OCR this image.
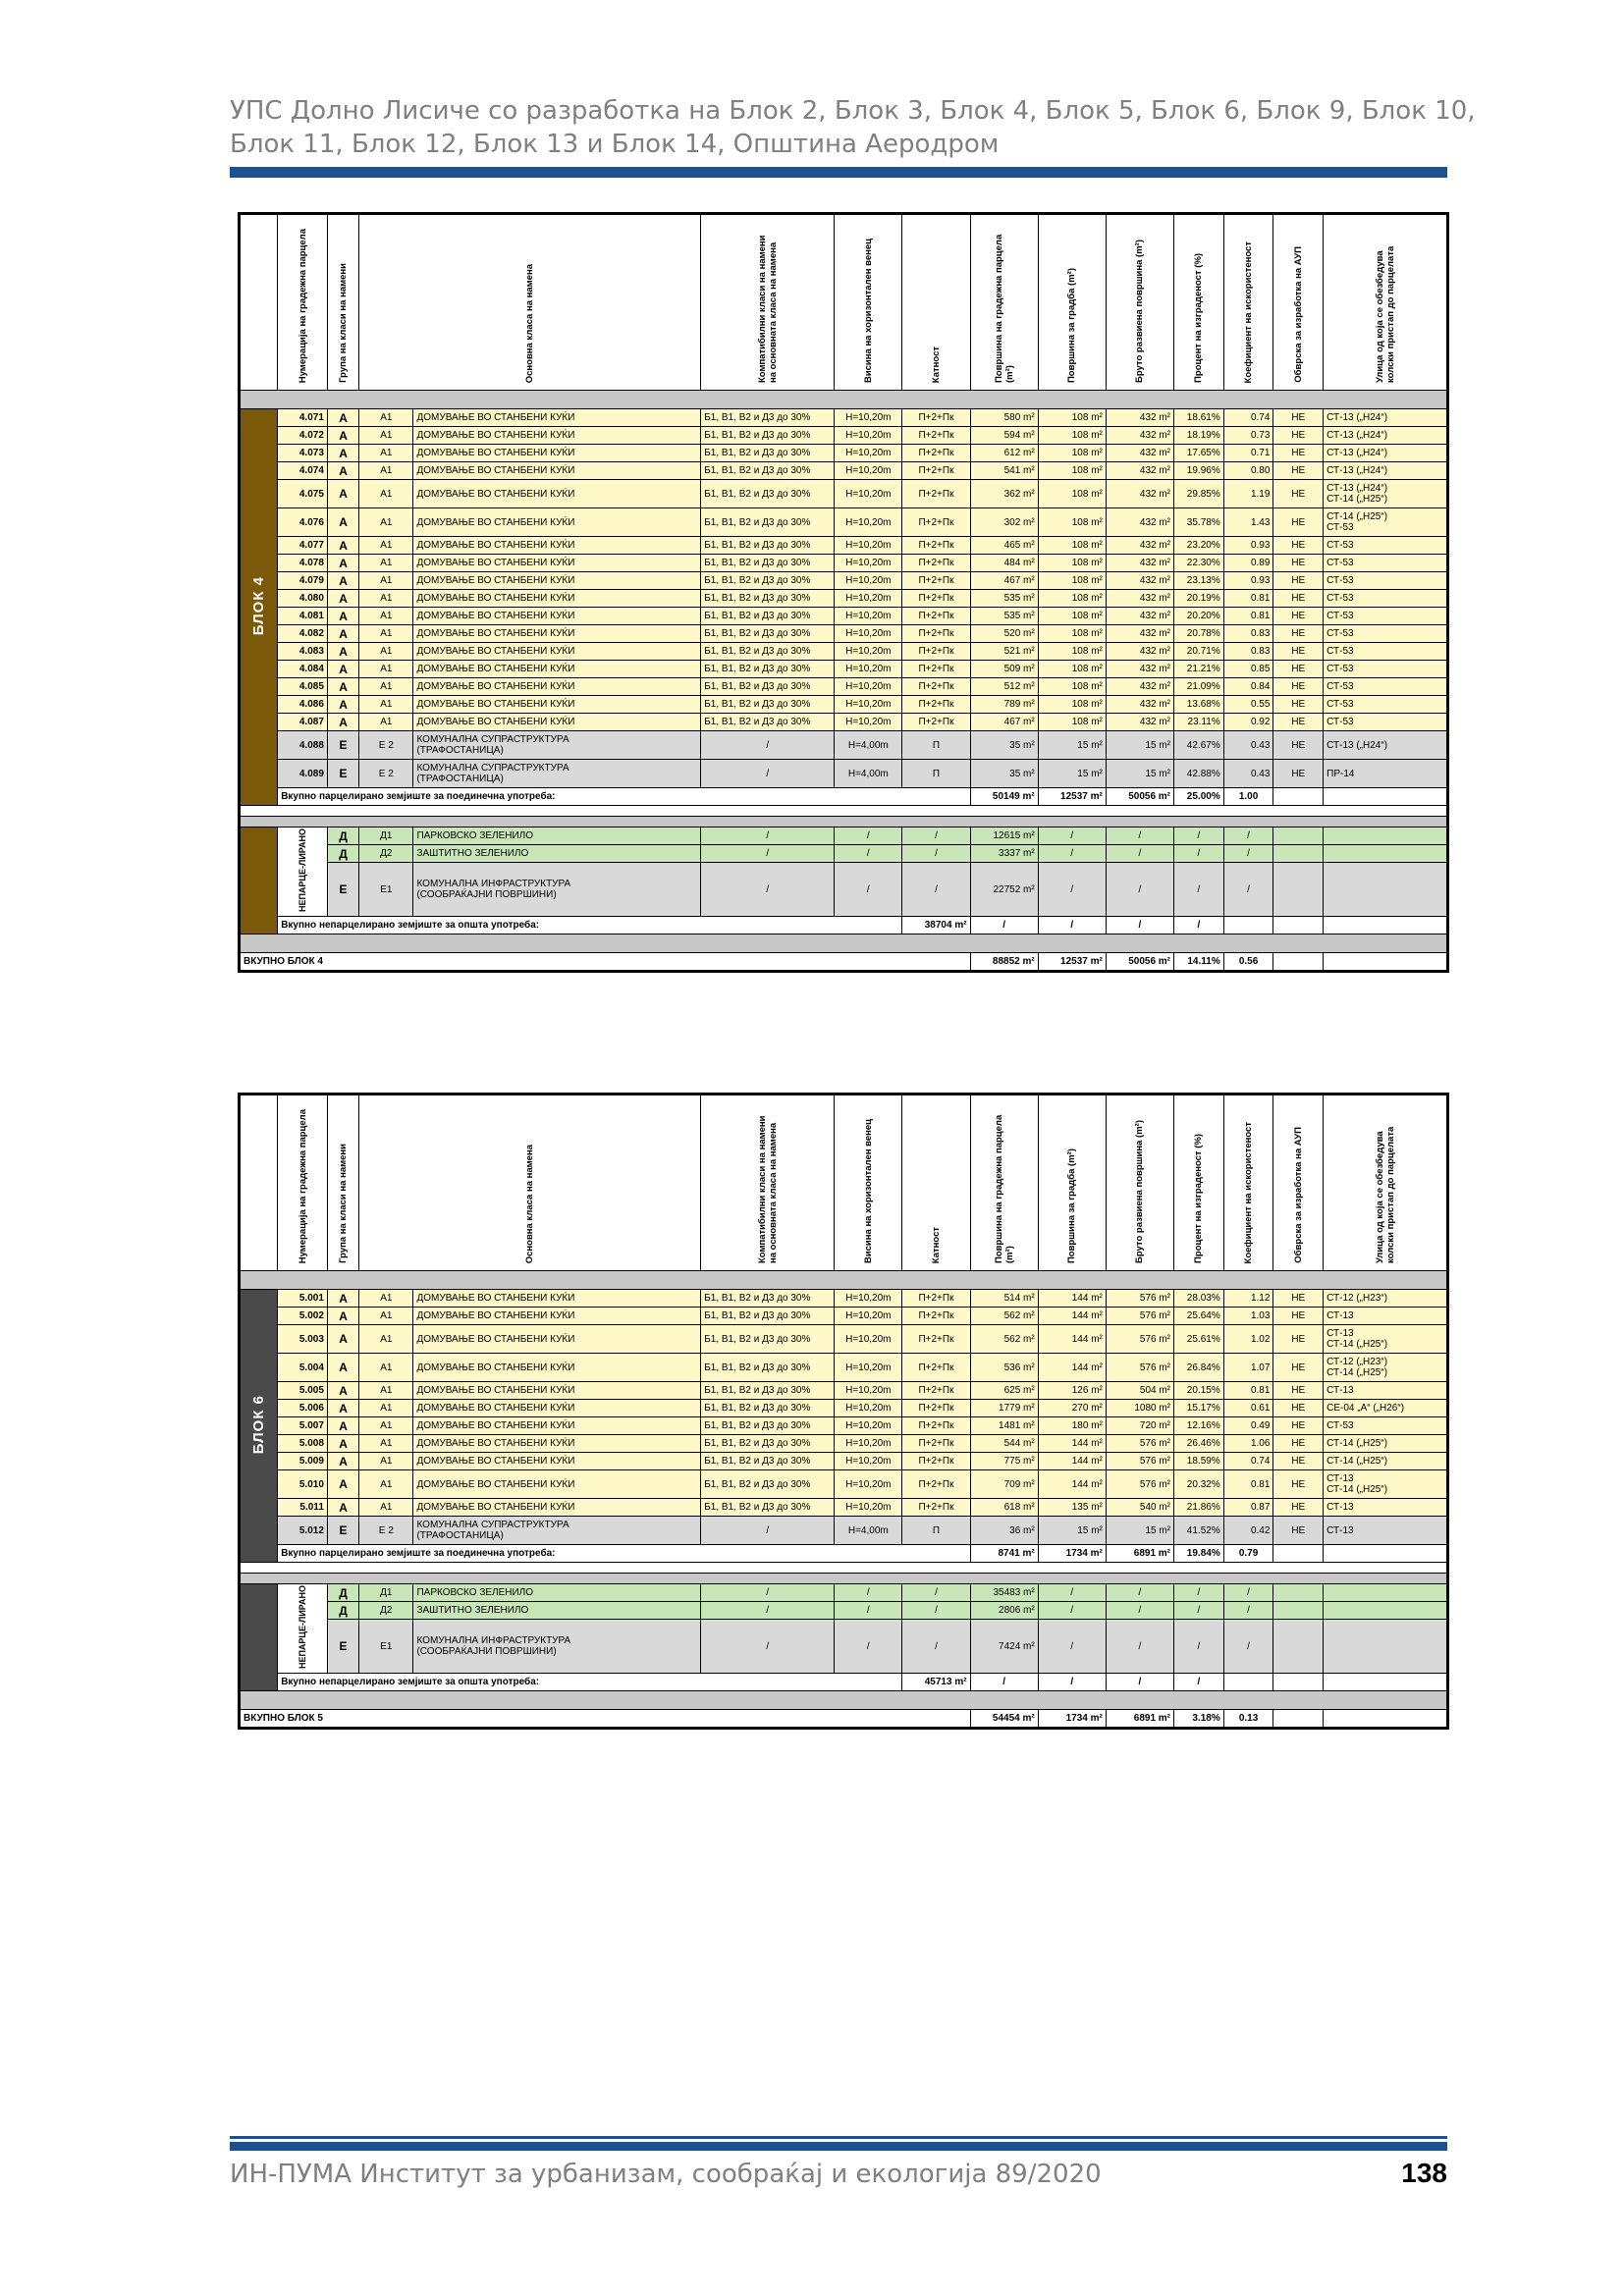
УПС Долно Лисиче со разработка на Блок 2, Блок 3, Блок 4, Блок 5, Блок 6, Блок 9, Блок 10,
Блок 11, Блок 12, Блок 13 и Блок 14, Општина Аеродром
	Нумерација на градежна парцела	Група на класи на намени	Основна класа на намена		Компатибилни класи на намени на основната класа на намена	Висина на хоризонтален венец	Катност	Површина на градежна парцела (m²)	Површина за градба (m²)	Бруто развиена површина (m²)	Процент на изграденост (%)	Коефициент на искористеност	Обврска за изработка на АУП	Улица од која се обезбедува колски пристап до парцелата

БЛОК 4	4.071	А	А1	ДОМУВАЊЕ ВО СТАНБЕНИ КУЌИ	Б1, В1, В2 и Д3 до 30%	H=10,20m	П+2+Пк	580 m²	108 m²	432 m²	18.61%	0.74	НЕ	СТ-13 („Н24“)

	4.072	А	А1	ДОМУВАЊЕ ВО СТАНБЕНИ КУЌИ	Б1, В1, В2 и Д3 до 30%	H=10,20m	П+2+Пк	594 m²	108 m²	432 m²	18.19%	0.73	НЕ	СТ-13 („Н24“)

	4.073	А	А1	ДОМУВАЊЕ ВО СТАНБЕНИ КУЌИ	Б1, В1, В2 и Д3 до 30%	H=10,20m	П+2+Пк	612 m²	108 m²	432 m²	17.65%	0.71	НЕ	СТ-13 („Н24“)

	4.074	А	А1	ДОМУВАЊЕ ВО СТАНБЕНИ КУЌИ	Б1, В1, В2 и Д3 до 30%	H=10,20m	П+2+Пк	541 m²	108 m²	432 m²	19.96%	0.80	НЕ	СТ-13 („Н24“)

	4.075	А	А1	ДОМУВАЊЕ ВО СТАНБЕНИ КУЌИ	Б1, В1, В2 и Д3 до 30%	H=10,20m	П+2+Пк	362 m²	108 m²	432 m²	29.85%	1.19	НЕ	СТ-13 („Н24“)
СТ-14 („Н25“)

	4.076	А	А1	ДОМУВАЊЕ ВО СТАНБЕНИ КУЌИ	Б1, В1, В2 и Д3 до 30%	H=10,20m	П+2+Пк	302 m²	108 m²	432 m²	35.78%	1.43	НЕ	СТ-14 („Н25“)
СТ-53

	4.077	А	А1	ДОМУВАЊЕ ВО СТАНБЕНИ КУЌИ	Б1, В1, В2 и Д3 до 30%	H=10,20m	П+2+Пк	465 m²	108 m²	432 m²	23.20%	0.93	НЕ	СТ-53

	4.078	А	А1	ДОМУВАЊЕ ВО СТАНБЕНИ КУЌИ	Б1, В1, В2 и Д3 до 30%	H=10,20m	П+2+Пк	484 m²	108 m²	432 m²	22.30%	0.89	НЕ	СТ-53

	4.079	А	А1	ДОМУВАЊЕ ВО СТАНБЕНИ КУЌИ	Б1, В1, В2 и Д3 до 30%	H=10,20m	П+2+Пк	467 m²	108 m²	432 m²	23.13%	0.93	НЕ	СТ-53

	4.080	А	А1	ДОМУВАЊЕ ВО СТАНБЕНИ КУЌИ	Б1, В1, В2 и Д3 до 30%	H=10,20m	П+2+Пк	535 m²	108 m²	432 m²	20.19%	0.81	НЕ	СТ-53

	4.081	А	А1	ДОМУВАЊЕ ВО СТАНБЕНИ КУЌИ	Б1, В1, В2 и Д3 до 30%	H=10,20m	П+2+Пк	535 m²	108 m²	432 m²	20.20%	0.81	НЕ	СТ-53

	4.082	А	А1	ДОМУВАЊЕ ВО СТАНБЕНИ КУЌИ	Б1, В1, В2 и Д3 до 30%	H=10,20m	П+2+Пк	520 m²	108 m²	432 m²	20.78%	0.83	НЕ	СТ-53

	4.083	А	А1	ДОМУВАЊЕ ВО СТАНБЕНИ КУЌИ	Б1, В1, В2 и Д3 до 30%	H=10,20m	П+2+Пк	521 m²	108 m²	432 m²	20.71%	0.83	НЕ	СТ-53

	4.084	А	А1	ДОМУВАЊЕ ВО СТАНБЕНИ КУЌИ	Б1, В1, В2 и Д3 до 30%	H=10,20m	П+2+Пк	509 m²	108 m²	432 m²	21.21%	0.85	НЕ	СТ-53

	4.085	А	А1	ДОМУВАЊЕ ВО СТАНБЕНИ КУЌИ	Б1, В1, В2 и Д3 до 30%	H=10,20m	П+2+Пк	512 m²	108 m²	432 m²	21.09%	0.84	НЕ	СТ-53

	4.086	А	А1	ДОМУВАЊЕ ВО СТАНБЕНИ КУЌИ	Б1, В1, В2 и Д3 до 30%	H=10,20m	П+2+Пк	789 m²	108 m²	432 m²	13.68%	0.55	НЕ	СТ-53

	4.087	А	А1	ДОМУВАЊЕ ВО СТАНБЕНИ КУЌИ	Б1, В1, В2 и Д3 до 30%	H=10,20m	П+2+Пк	467 m²	108 m²	432 m²	23.11%	0.92	НЕ	СТ-53

	4.088	Е	Е 2	КОМУНАЛНА СУПРАСТРУКТУРА
(ТРАФОСТАНИЦА)	/	H=4,00m	П	35 m²	15 m²	15 m²	42.67%	0.43	НЕ	СТ-13 („Н24“)
	4.089	Е	Е 2	КОМУНАЛНА СУПРАСТРУКТУРА
(ТРАФОСТАНИЦА)	/	H=4,00m	П	35 m²	15 m²	15 m²	42.88%	0.43	НЕ	ПР-14
	Вкупно парцелирано земјиште за поединечна употреба:							50149 m²	12537 m²	50056 m²	25.00%	1.00		

	НЕПАРЦЕ-ЛИРАНО	Д	Д1	ПАРКОВСКО ЗЕЛЕНИЛО	/	/	/	12615 m²	/	/	/	/		
		Д	Д2	ЗАШТИТНО ЗЕЛЕНИЛО	/	/	/	3337 m²	/	/	/	/		
		Е	Е1	КОМУНАЛНА ИНФРАСТРУКТУРА
(СООБРАЌАЈНИ ПОВРШИНИ)	/	/	/	22752 m²	/	/	/	/		
	Вкупно непарцелирано земјиште за општа употреба:						38704 m²	/	/	/	/			

ВКУПНО БЛОК 4								88852 m²	12537 m²	50056 m²	14.11%	0.56		
	Нумерација на градежна парцела	Група на класи на намени	Основна класа на намена		Компатибилни класи на намени на основната класа на намена	Висина на хоризонтален венец	Катност	Површина на градежна парцела (m²)	Површина за градба (m²)	Бруто развиена површина (m²)	Процент на изграденост (%)	Коефициент на искористеност	Обврска за изработка на АУП	Улица од која се обезбедува колски пристап до парцелата

БЛОК 6	5.001	А	А1	ДОМУВАЊЕ ВО СТАНБЕНИ КУЌИ	Б1, В1, В2 и Д3 до 30%	H=10,20m	П+2+Пк	514 m²	144 m²	576 m²	28.03%	1.12	НЕ	СТ-12 („Н23“)

	5.002	А	А1	ДОМУВАЊЕ ВО СТАНБЕНИ КУЌИ	Б1, В1, В2 и Д3 до 30%	H=10,20m	П+2+Пк	562 m²	144 m²	576 m²	25.64%	1.03	НЕ	СТ-13

	5.003	А	А1	ДОМУВАЊЕ ВО СТАНБЕНИ КУЌИ	Б1, В1, В2 и Д3 до 30%	H=10,20m	П+2+Пк	562 m²	144 m²	576 m²	25.61%	1.02	НЕ	СТ-13
СТ-14 („Н25“)

	5.004	А	А1	ДОМУВАЊЕ ВО СТАНБЕНИ КУЌИ	Б1, В1, В2 и Д3 до 30%	H=10,20m	П+2+Пк	536 m²	144 m²	576 m²	26.84%	1.07	НЕ	СТ-12 („Н23“)
СТ-14 („Н25“)

	5.005	А	А1	ДОМУВАЊЕ ВО СТАНБЕНИ КУЌИ	Б1, В1, В2 и Д3 до 30%	H=10,20m	П+2+Пк	625 m²	126 m²	504 m²	20.15%	0.81	НЕ	СТ-13

	5.006	А	А1	ДОМУВАЊЕ ВО СТАНБЕНИ КУЌИ	Б1, В1, В2 и Д3 до 30%	H=10,20m	П+2+Пк	1779 m²	270 m²	1080 m²	15.17%	0.61	НЕ	СЕ-04 „А“ („Н26“)

	5.007	А	А1	ДОМУВАЊЕ ВО СТАНБЕНИ КУЌИ	Б1, В1, В2 и Д3 до 30%	H=10,20m	П+2+Пк	1481 m²	180 m²	720 m²	12.16%	0.49	НЕ	СТ-53

	5.008	А	А1	ДОМУВАЊЕ ВО СТАНБЕНИ КУЌИ	Б1, В1, В2 и Д3 до 30%	H=10,20m	П+2+Пк	544 m²	144 m²	576 m²	26.46%	1.06	НЕ	СТ-14 („Н25“)

	5.009	А	А1	ДОМУВАЊЕ ВО СТАНБЕНИ КУЌИ	Б1, В1, В2 и Д3 до 30%	H=10,20m	П+2+Пк	775 m²	144 m²	576 m²	18.59%	0.74	НЕ	СТ-14 („Н25“)

	5.010	А	А1	ДОМУВАЊЕ ВО СТАНБЕНИ КУЌИ	Б1, В1, В2 и Д3 до 30%	H=10,20m	П+2+Пк	709 m²	144 m²	576 m²	20.32%	0.81	НЕ	СТ-13
СТ-14 („Н25“)

	5.011	А	А1	ДОМУВАЊЕ ВО СТАНБЕНИ КУЌИ	Б1, В1, В2 и Д3 до 30%	H=10,20m	П+2+Пк	618 m²	135 m²	540 m²	21.86%	0.87	НЕ	СТ-13

	5.012	Е	Е 2	КОМУНАЛНА СУПРАСТРУКТУРА
(ТРАФОСТАНИЦА)	/	H=4,00m	П	36 m²	15 m²	15 m²	41.52%	0.42	НЕ	СТ-13
	Вкупно парцелирано земјиште за поединечна употреба:							8741 m²	1734 m²	6891 m²	19.84%	0.79		

	НЕПАРЦЕ-ЛИРАНО	Д	Д1	ПАРКОВСКО ЗЕЛЕНИЛО	/	/	/	35483 m²	/	/	/	/		
		Д	Д2	ЗАШТИТНО ЗЕЛЕНИЛО	/	/	/	2806 m²	/	/	/	/		
		Е	Е1	КОМУНАЛНА ИНФРАСТРУКТУРА
(СООБРАЌАЈНИ ПОВРШИНИ)	/	/	/	7424 m²	/	/	/	/		
	Вкупно непарцелирано земјиште за општа употреба:						45713 m²	/	/	/	/			

ВКУПНО БЛОК 5								54454 m²	1734 m²	6891 m²	3.18%	0.13		
ИН-ПУМА Институт за урбанизам, сообраќај и екологија 89/2020	138
